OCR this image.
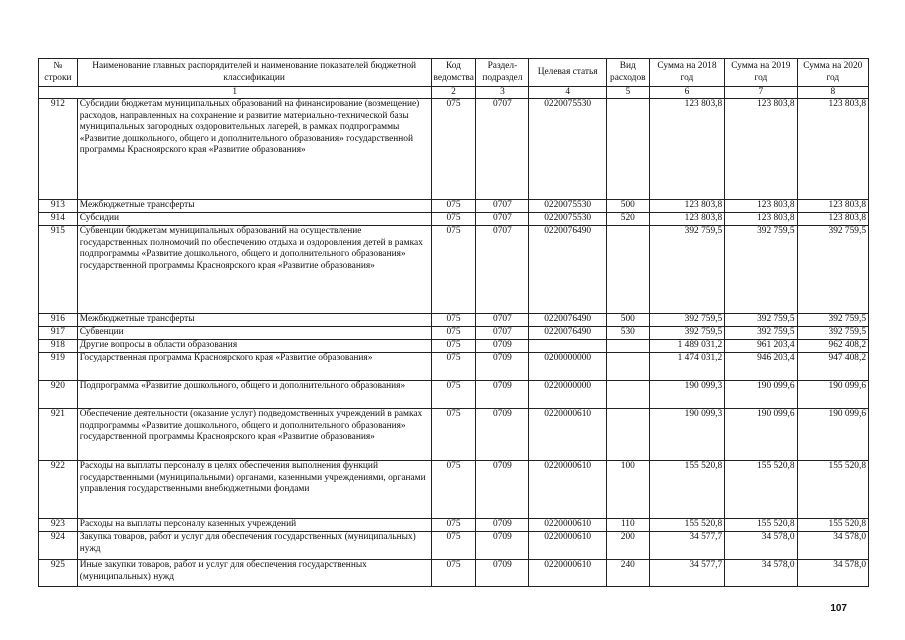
№ строки	Наименование главных распорядителей и наименование показателей бюджетной классификации	Код ведомства	Раздел-подраздел	Целевая статья	Вид расходов	Сумма на 2018 год	Сумма на 2019 год	Сумма на 2020 год
1		2	3	4	5	6	7	8
912	Субсидии бюджетам муниципальных образований на финансирование (возмещение) расходов, направленных на сохранение и развитие материально-технической базы муниципальных загородных оздоровительных лагерей, в рамках подпрограммы «Развитие дошкольного, общего и дополнительного образования» государственной программы Красноярского края «Развитие образования»	075	0707	0220075530		123 803,8	123 803,8	123 803,8
913	Межбюджетные трансферты	075	0707	0220075530	500	123 803,8	123 803,8	123 803,8
914	Субсидии	075	0707	0220075530	520	123 803,8	123 803,8	123 803,8
915	Субвенции бюджетам муниципальных образований на осуществление государственных полномочий по обеспечению отдыха и оздоровления детей в рамках подпрограммы «Развитие дошкольного, общего и дополнительного образования» государственной программы Красноярского края «Развитие образования»	075	0707	0220076490		392 759,5	392 759,5	392 759,5
916	Межбюджетные трансферты	075	0707	0220076490	500	392 759,5	392 759,5	392 759,5
917	Субвенции	075	0707	0220076490	530	392 759,5	392 759,5	392 759,5
918	Другие вопросы в области образования	075	0709			1 489 031,2	961 203,4	962 408,2
919	Государственная программа Красноярского края «Развитие образования»	075	0709	0200000000		1 474 031,2	946 203,4	947 408,2
920	Подпрограмма «Развитие дошкольного, общего и дополнительного образования»	075	0709	0220000000		190 099,3	190 099,6	190 099,6
921	Обеспечение деятельности (оказание услуг) подведомственных учреждений в рамках подпрограммы «Развитие дошкольного, общего и дополнительного образования» государственной программы Красноярского края «Развитие образования»	075	0709	0220000610		190 099,3	190 099,6	190 099,6
922	Расходы на выплаты персоналу в целях обеспечения выполнения функций государственными (муниципальными) органами, казенными учреждениями, органами управления государственными внебюджетными фондами	075	0709	0220000610	100	155 520,8	155 520,8	155 520,8
923	Расходы на выплаты персоналу казенных учреждений	075	0709	0220000610	110	155 520,8	155 520,8	155 520,8
924	Закупка товаров, работ и услуг для обеспечения государственных (муниципальных) нужд	075	0709	0220000610	200	34 577,7	34 578,0	34 578,0
925	Иные закупки товаров, работ и услуг для обеспечения государственных (муниципальных) нужд	075	0709	0220000610	240	34 577,7	34 578,0	34 578,0
107
